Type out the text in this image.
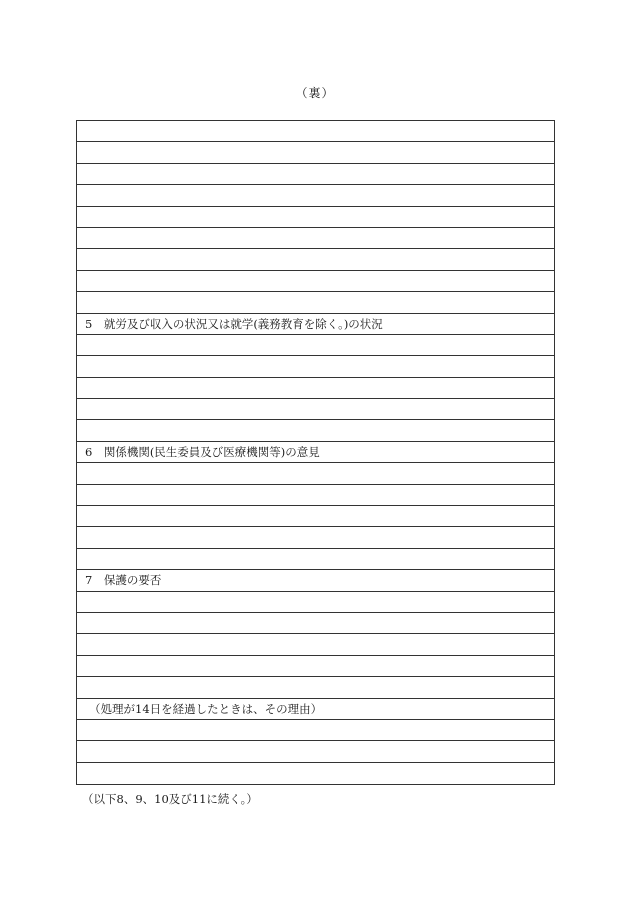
（裏）
5　就労及び収入の状況又は就学(義務教育を除く。)の状況
6　関係機関(民生委員及び医療機関等)の意見
7　保護の要否
（処理が14日を経過したときは、その理由）
（以下8、9、10及び11に続く。）
